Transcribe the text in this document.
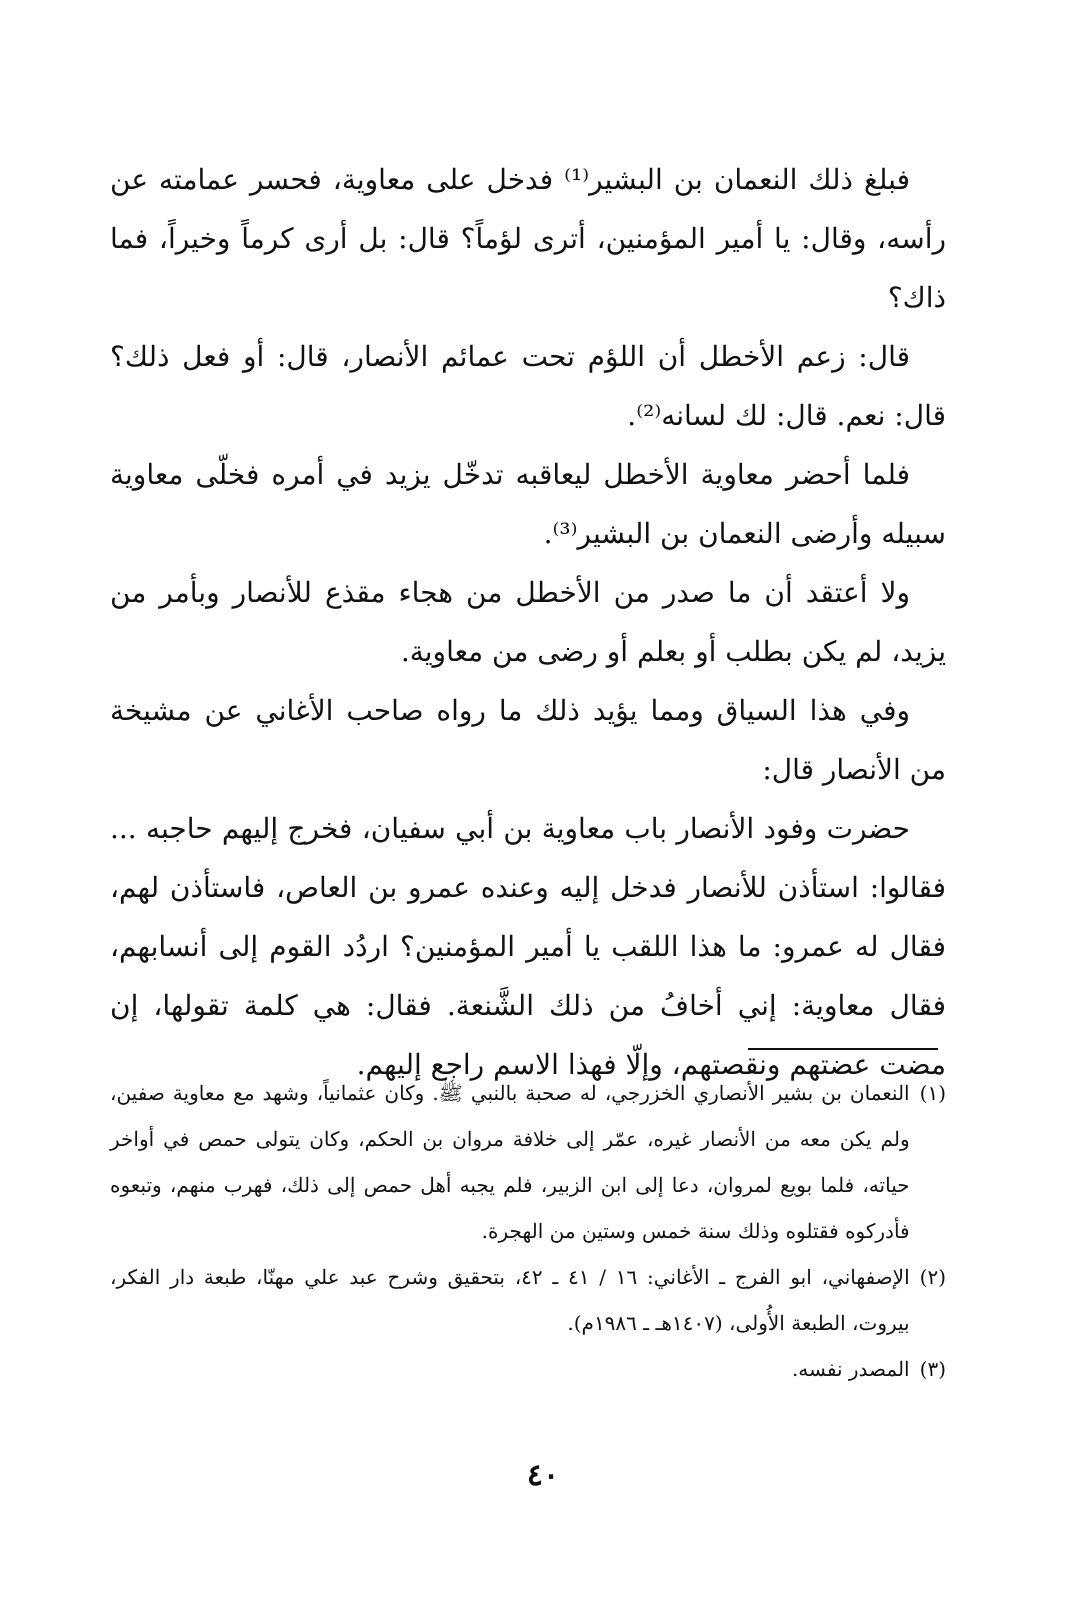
فبلغ ذلك النعمان بن البشير⁽¹⁾ فدخل على معاوية، فحسر عمامته عن رأسه، وقال: يا أمير المؤمنين، أترى لؤماً؟ قال: بل أرى كرماً وخيراً، فما ذاك؟

قال: زعم الأخطل أن اللؤم تحت عمائم الأنصار، قال: أو فعل ذلك؟ قال: نعم. قال: لك لسانه⁽²⁾.

فلما أحضر معاوية الأخطل ليعاقبه تدخّل يزيد في أمره فخلّى معاوية سبيله وأرضى النعمان بن البشير⁽³⁾.

ولا أعتقد أن ما صدر من الأخطل من هجاء مقذع للأنصار وبأمر من يزيد، لم يكن بطلب أو بعلم أو رضى من معاوية.

وفي هذا السياق ومما يؤيد ذلك ما رواه صاحب الأغاني عن مشيخة من الأنصار قال:

حضرت وفود الأنصار باب معاوية بن أبي سفيان، فخرج إليهم حاجبه ... فقالوا: استأذن للأنصار فدخل إليه وعنده عمرو بن العاص، فاستأذن لهم، فقال له عمرو: ما هذا اللقب يا أمير المؤمنين؟ اردُد القوم إلى أنسابهم، فقال معاوية: إني أخافُ من ذلك الشَّنعة. فقال: هي كلمة تقولها، إن مضت عضتهم ونقصتهم، وإلّا فهذا الاسم راجع إليهم.

(١)
النعمان بن بشير الأنصاري الخزرجي، له صحبة بالنبي ﷺ. وكان عثمانياً، وشهد مع معاوية صفين، ولم يكن معه من الأنصار غيره، عمّر إلى خلافة مروان بن الحكم، وكان يتولى حمص في أواخر حياته، فلما بويع لمروان، دعا إلى ابن الزبير، فلم يجبه أهل حمص إلى ذلك، فهرب منهم، وتبعوه فأدركوه فقتلوه وذلك سنة خمس وستين من الهجرة.
(٢)
الإصفهاني، ابو الفرج ـ الأغاني: ١٦ / ٤١ ـ ٤٢، بتحقيق وشرح عبد علي مهنّا، طبعة دار الفكر، بيروت، الطبعة الأُولى، (١٤٠٧هـ ـ ١٩٨٦م).
(٣)
المصدر نفسه.
٤٠
